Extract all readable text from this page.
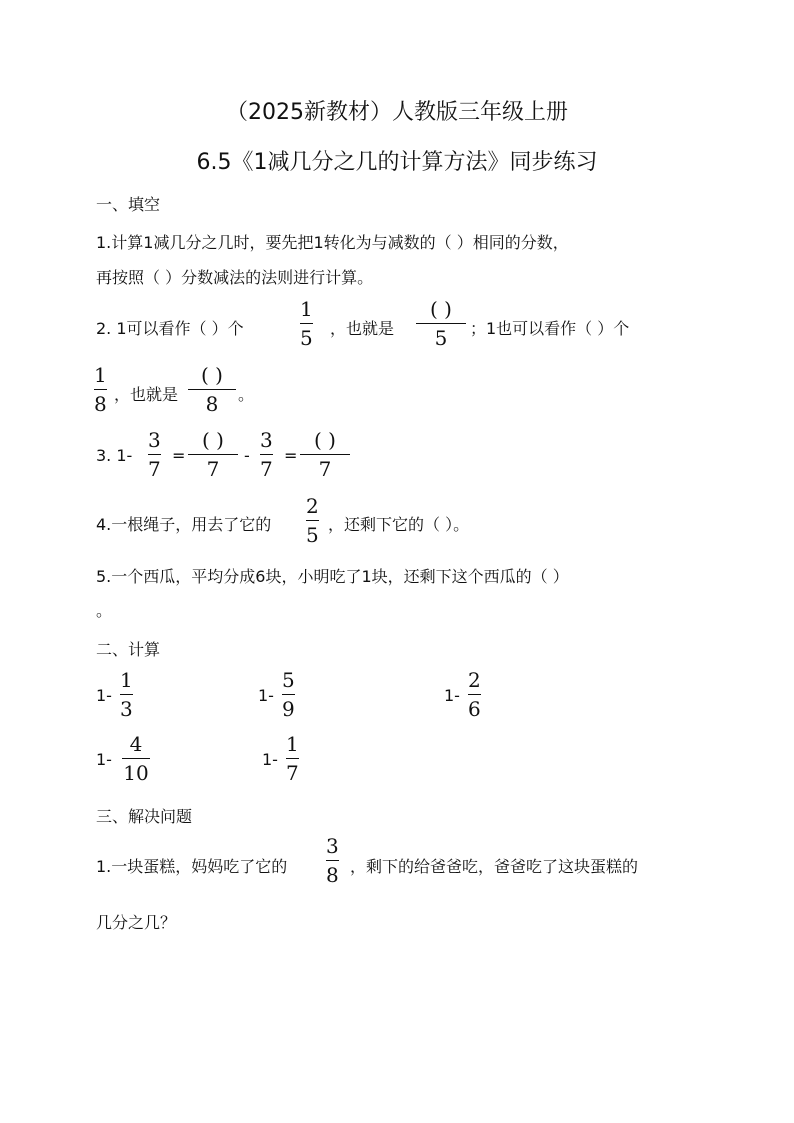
（2025新教材）人教版三年级上册
6.5《1减几分之几的计算方法》同步练习
一、填空
1.计算1减几分之几时，要先把1转化为与减数的（ ）相同的分数，
再按照（ ）分数减法的法则进行计算。
2. 1可以看作（ ）个
1
5 ，也就是
( )
5 ；1也可以看作（ ）个
1
8 ，也就是
( )
8 。
3. 1-
3
7
=
( )
7
-
3
7
=
( )
7
4.一根绳子，用去了它的
2
5 ，还剩下它的（ ）。
5.一个西瓜，平均分成6块，小明吃了1块，还剩下这个西瓜的（ ）
。
二、计算
1-
1
3
1-
5
9
1-
2
6
1-
4
10
1-
1
7
三、解决问题
1.一块蛋糕，妈妈吃了它的
3
8 ，剩下的给爸爸吃，爸爸吃了这块蛋糕的
几分之几？
